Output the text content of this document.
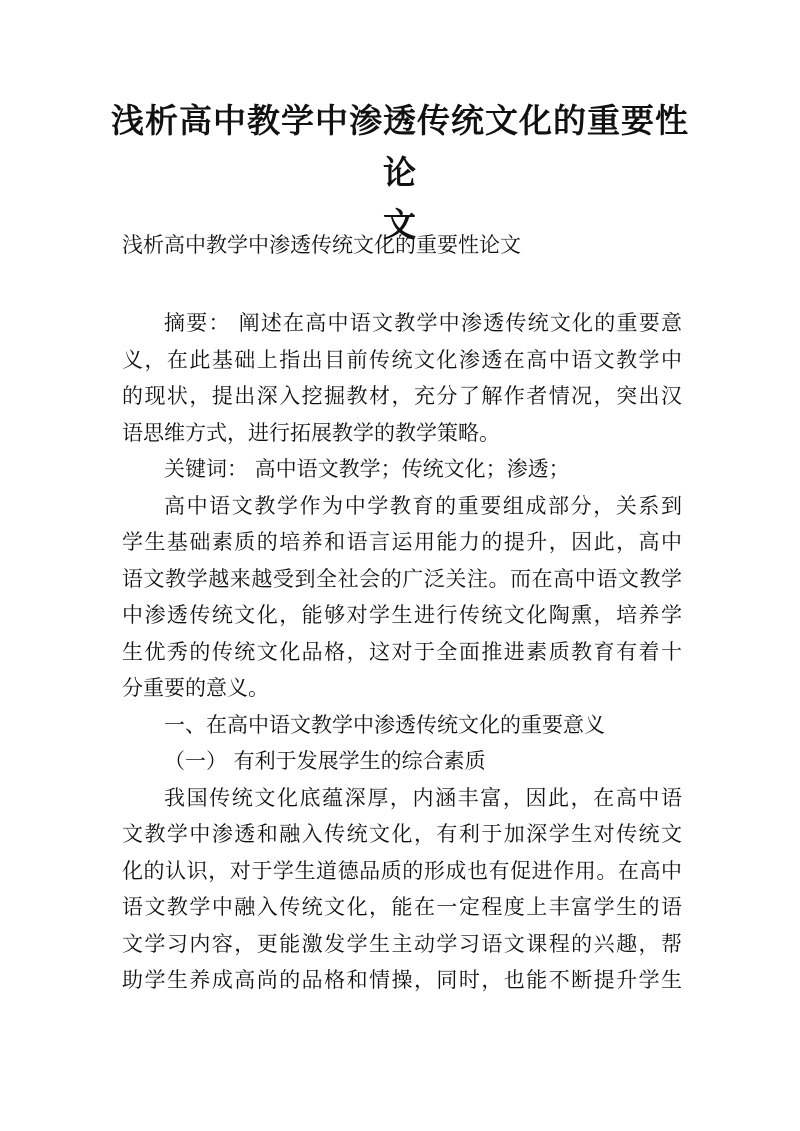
浅析高中教学中渗透传统文化的重要性论
文
浅析高中教学中渗透传统文化的重要性论文
摘要： 阐述在高中语文教学中渗透传统文化的重要意
义，在此基础上指出目前传统文化渗透在高中语文教学中
的现状，提出深入挖掘教材，充分了解作者情况，突出汉
语思维方式，进行拓展教学的教学策略。
关键词： 高中语文教学；传统文化；渗透；
高中语文教学作为中学教育的重要组成部分，关系到
学生基础素质的培养和语言运用能力的提升，因此，高中
语文教学越来越受到全社会的广泛关注。而在高中语文教学
中渗透传统文化，能够对学生进行传统文化陶熏，培养学
生优秀的传统文化品格，这对于全面推进素质教育有着十
分重要的意义。
一、在高中语文教学中渗透传统文化的重要意义
（一） 有利于发展学生的综合素质
我国传统文化底蕴深厚，内涵丰富，因此，在高中语
文教学中渗透和融入传统文化，有利于加深学生对传统文
化的认识，对于学生道德品质的形成也有促进作用。在高中
语文教学中融入传统文化，能在一定程度上丰富学生的语
文学习内容，更能激发学生主动学习语文课程的兴趣，帮
助学生养成高尚的品格和情操，同时，也能不断提升学生
